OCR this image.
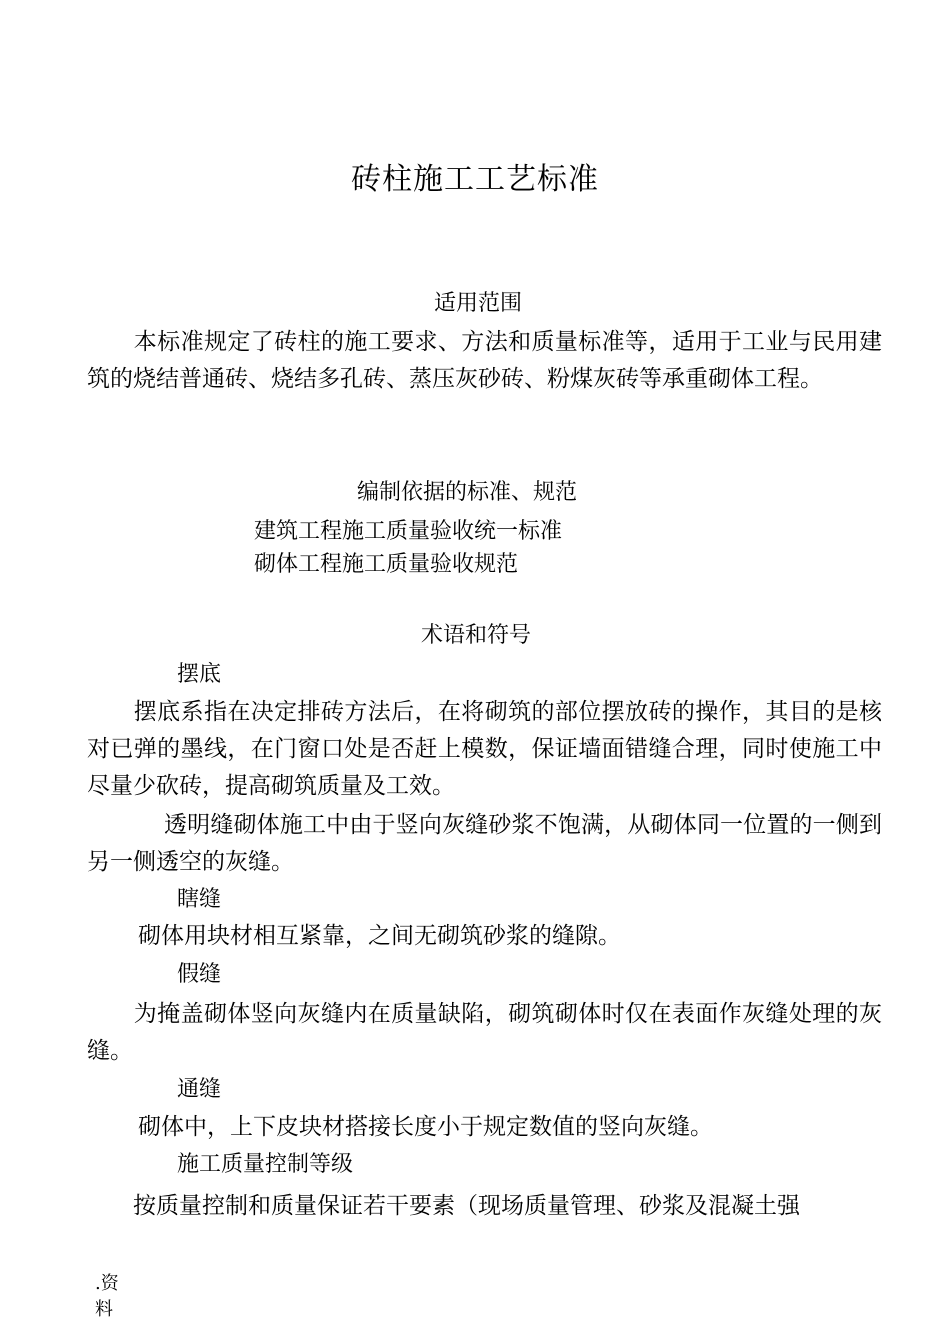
砖柱施工工艺标准
适用范围
　　本标准规定了砖柱的施工要求、方法和质量标准等，适用于工业与民用建筑的烧结普通砖、烧结多孔砖、蒸压灰砂砖、粉煤灰砖等承重砌体工程。
编制依据的标准、规范
建筑工程施工质量验收统一标准
砌体工程施工质量验收规范
术语和符号
摆底
　　摆底系指在决定排砖方法后，在将砌筑的部位摆放砖的操作，其目的是核对已弹的墨线，在门窗口处是否赶上模数，保证墙面错缝合理，同时使施工中尽量少砍砖，提高砌筑质量及工效。
　　　 透明缝砌体施工中由于竖向灰缝砂浆不饱满，从砌体同一位置的一侧到另一侧透空的灰缝。
瞎缝
砌体用块材相互紧靠，之间无砌筑砂浆的缝隙。
假缝
　　为掩盖砌体竖向灰缝内在质量缺陷，砌筑砌体时仅在表面作灰缝处理的灰缝。
通缝
砌体中，上下皮块材搭接长度小于规定数值的竖向灰缝。
施工质量控制等级
　　按质量控制和质量保证若干要素（现场质量管理、砂浆及混凝土强
.资料
